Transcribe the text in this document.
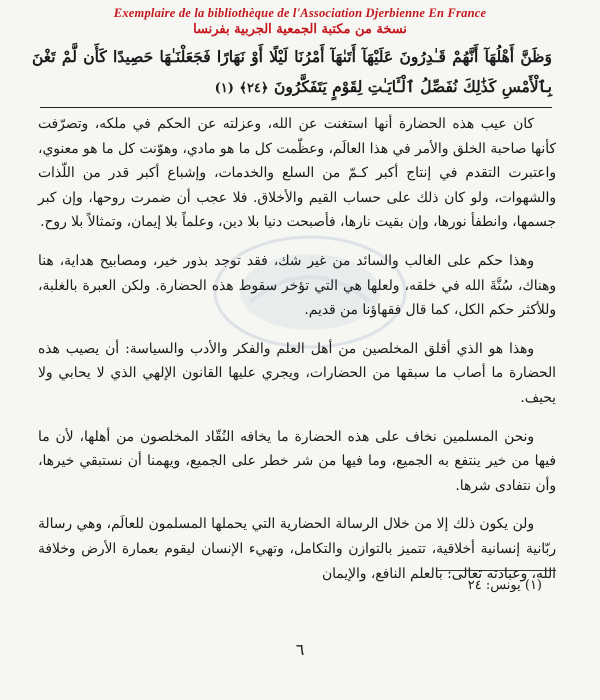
Exemplaire de la bibliothèque de l'Association Djerbienne En France
نسخة من مكتبة الجمعية الجربية بفرنسا
وَظَنَّ أَهْلُهَآ أَنَّهُمْ قَـٰدِرُونَ عَلَيْهَآ أَتَىٰهَآ أَمْرُنَا لَيْلًا أَوْ نَهَارًا فَجَعَلْنَـٰهَا حَصِيدًا كَأَن لَّمْ تَغْنَ بِٱلْأَمْسِ كَذَٰلِكَ نُفَصِّلُ ٱلْـَٔايَـٰتِ لِقَوْمٍ يَتَفَكَّرُونَ ﴿٢٤﴾ (١)

كان عيب هذه الحضارة أنها استغنت عن الله، وعزلته عن الحكم في ملكه، وتصرّفت كأنها صاحبة الخلق والأمر في هذا العالَم، وعظّمت كل ما هو مادي، وهوّنت كل ما هو معنوي، واعتبرت التقدم في إنتاج أكبر كـمّ من السلع والخدمات، وإشباع أكبر قدر من اللّذات والشهوات، ولو كان ذلك على حساب القيم والأخلاق. فلا عجب أن ضمرت روحها، وإن كبر جسمها، وانطفأ نورها، وإن بقيت نارها، فأصبحت دنيا بلا دين، وعلماً بلا إيمان، وتمثالاً بلا روح.

وهذا حكم على الغالب والسائد من غير شك، فقد توجد بذور خير، ومصابيح هداية، هنا وهناك، سُنَّةَ الله في خلقه، ولعلها هي التي تؤخر سقوط هذه الحضارة. ولكن العبرة بالغلبة، وللأكثر حكم الكل، كما قال فقهاؤنا من قديم.

وهذا هو الذي أقلق المخلصين من أهل العلم والفكر والأدب والسياسة: أن يصيب هذه الحضارة ما أصاب ما سبقها من الحضارات، ويجري عليها القانون الإلهي الذي لا يحابي ولا يحيف.

ونحن المسلمين نخاف على هذه الحضارة ما يخافه النُقّاد المخلصون من أهلها، لأن ما فيها من خير ينتفع به الجميع، وما فيها من شر خطر على الجميع، ويهمنا أن نستبقي خيرها، وأن نتفادى شرها.

ولن يكون ذلك إلا من خلال الرسالة الحضارية التي يحملها المسلمون للعالَم، وهي رسالة ربّانية إنسانية أخلاقية، تتميز بالتوازن والتكامل، وتهيء الإنسان ليقوم بعمارة الأرض وخلافة الله، وعبادته تعالى: بالعلم النافع، والإيمان

(١) يونس: ٢٤
٦
